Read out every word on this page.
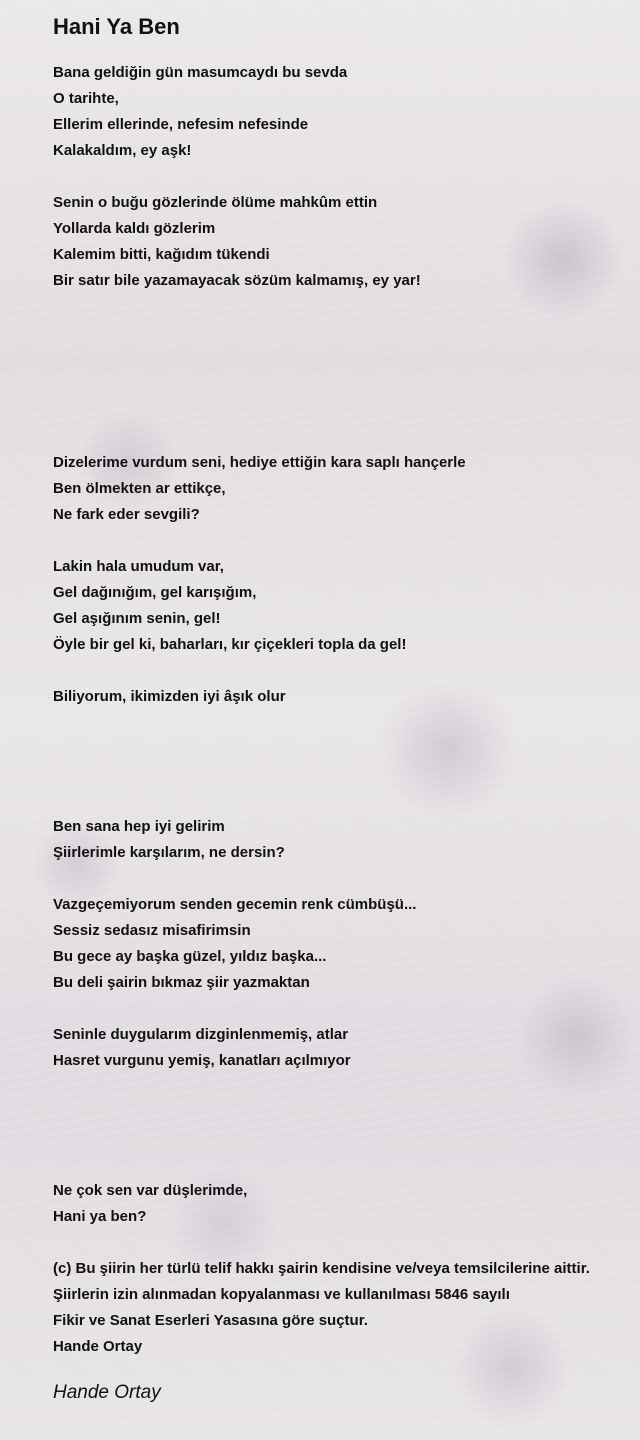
Hani Ya Ben
Bana geldiğin gün masumcaydı bu sevda
O tarihte,
Ellerim ellerinde, nefesim nefesinde
Kalakaldım, ey aşk!
Senin o buğu gözlerinde ölüme mahkûm ettin
Yollarda kaldı gözlerim
Kalemim bitti, kağıdım tükendi
Bir satır bile yazamayacak sözüm kalmamış, ey yar!
Dizelerime vurdum seni, hediye ettiğin kara saplı hançerle
Ben ölmekten ar ettikçe,
Ne fark eder sevgili?
Lakin hala umudum var,
Gel dağınığım, gel karışığım,
Gel aşığınım senin, gel!
Öyle bir gel ki, baharları, kır çiçekleri topla da gel!
Biliyorum, ikimizden iyi âşık olur
Ben sana hep iyi gelirim
Şiirlerimle karşılarım, ne dersin?
Vazgeçemiyorum senden gecemin renk cümbüşü...
Sessiz sedasız misafirimsin
Bu gece ay başka güzel, yıldız başka...
Bu deli şairin bıkmaz şiir yazmaktan
Seninle duygularım dizginlenmemiş, atlar
Hasret vurgunu yemiş, kanatları açılmıyor
Ne çok sen var düşlerimde,
Hani ya ben?
(c) Bu şiirin her türlü telif hakkı şairin kendisine ve/veya temsilcilerine aittir.
Şiirlerin izin alınmadan kopyalanması ve kullanılması 5846 sayılı
Fikir ve Sanat Eserleri Yasasına göre suçtur.
Hande Ortay
Hande Ortay
